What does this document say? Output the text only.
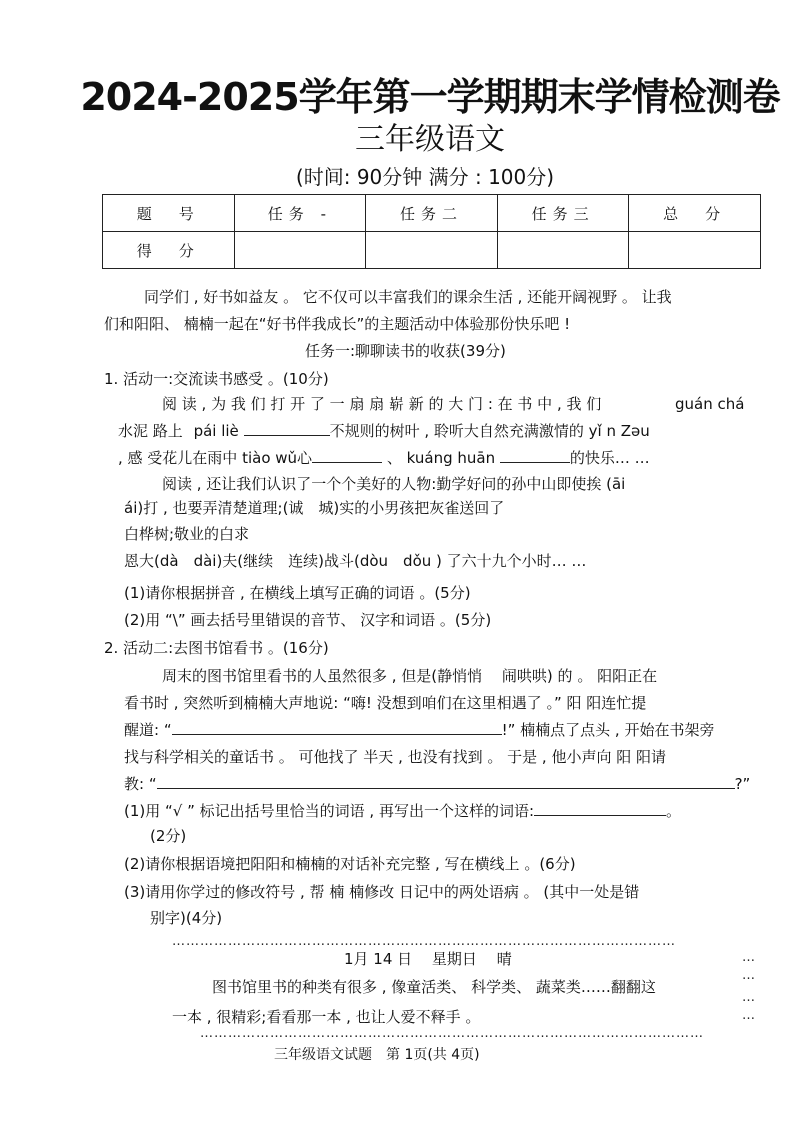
2024-2025学年第一学期期末学情检测卷
三年级语文
(时间: 90分钟 满分 : 100分)
题　号	任务 -	任务二	任务三	总　分
得　分				
同学们 , 好书如益友 。 它不仅可以丰富我们的课余生活 , 还能开阔视野 。 让我
们和阳阳、 楠楠一起在“好书伴我成长”的主题活动中体验那份快乐吧 !
任务一:聊聊读书的收获(39分)
1. 活动一:交流读书感受 。(10分)
阅 读 , 为 我 们 打 开 了 一 扇 扇 崭 新 的 大 门 : 在 书 中 , 我 们	guán chá
水泥 路上 pái liè	不规则的树叶 , 聆听大自然充满激情的 yǐ n Zǝu
, 感 受花儿在雨中 tiào wǔ心	、 kuáng huān	的快乐… …
阅读 , 还让我们认识了一个个美好的人物:勤学好问的孙中山即使挨 (āi
ái)打 , 也要弄清楚道理;(诚　城)实的小男孩把灰雀送回了
白桦树;敬业的白求
恩大(dà　dài)夫(继续　连续)战斗(dòu　dǒu ) 了六十九个小时… …
(1)请你根据拼音 , 在横线上填写正确的词语 。(5分)
(2)用 “\” 画去括号里错误的音节、 汉字和词语 。(5分)
2. 活动二:去图书馆看书 。(16分)
周末的图书馆里看书的人虽然很多 , 但是(静悄悄　 闹哄哄) 的 。 阳阳正在
看书时 , 突然听到楠楠大声地说: “嗨! 没想到咱们在这里相遇了 。” 阳 阳连忙提
醒道: “	!” 楠楠点了点头 , 开始在书架旁
找与科学相关的童话书 。 可他找了 半天 , 也没有找到 。 于是 , 他小声向 阳 阳请
教: “	?”
(1)用 “√ ” 标记出括号里恰当的词语 , 再写出一个这样的词语:	。
(2分)
(2)请你根据语境把阳阳和楠楠的对话补充完整 , 写在横线上 。(6分)
(3)请用你学过的修改符号 , 帮 楠 楠修改 日记中的两处语病 。 (其中一处是错
别字)(4分)
………………………………………………………………………………………………
1月 14 日　 星期日　 晴	…
…
图书馆里书的种类有很多 , 像童活类、 科学类、 蔬菜类……翻翻这
…
一本 , 很精彩;看看那一本 , 也让人爱不释手 。	…
………………………………………………………………………………………………
三年级语文试题　第 1页(共 4页)
